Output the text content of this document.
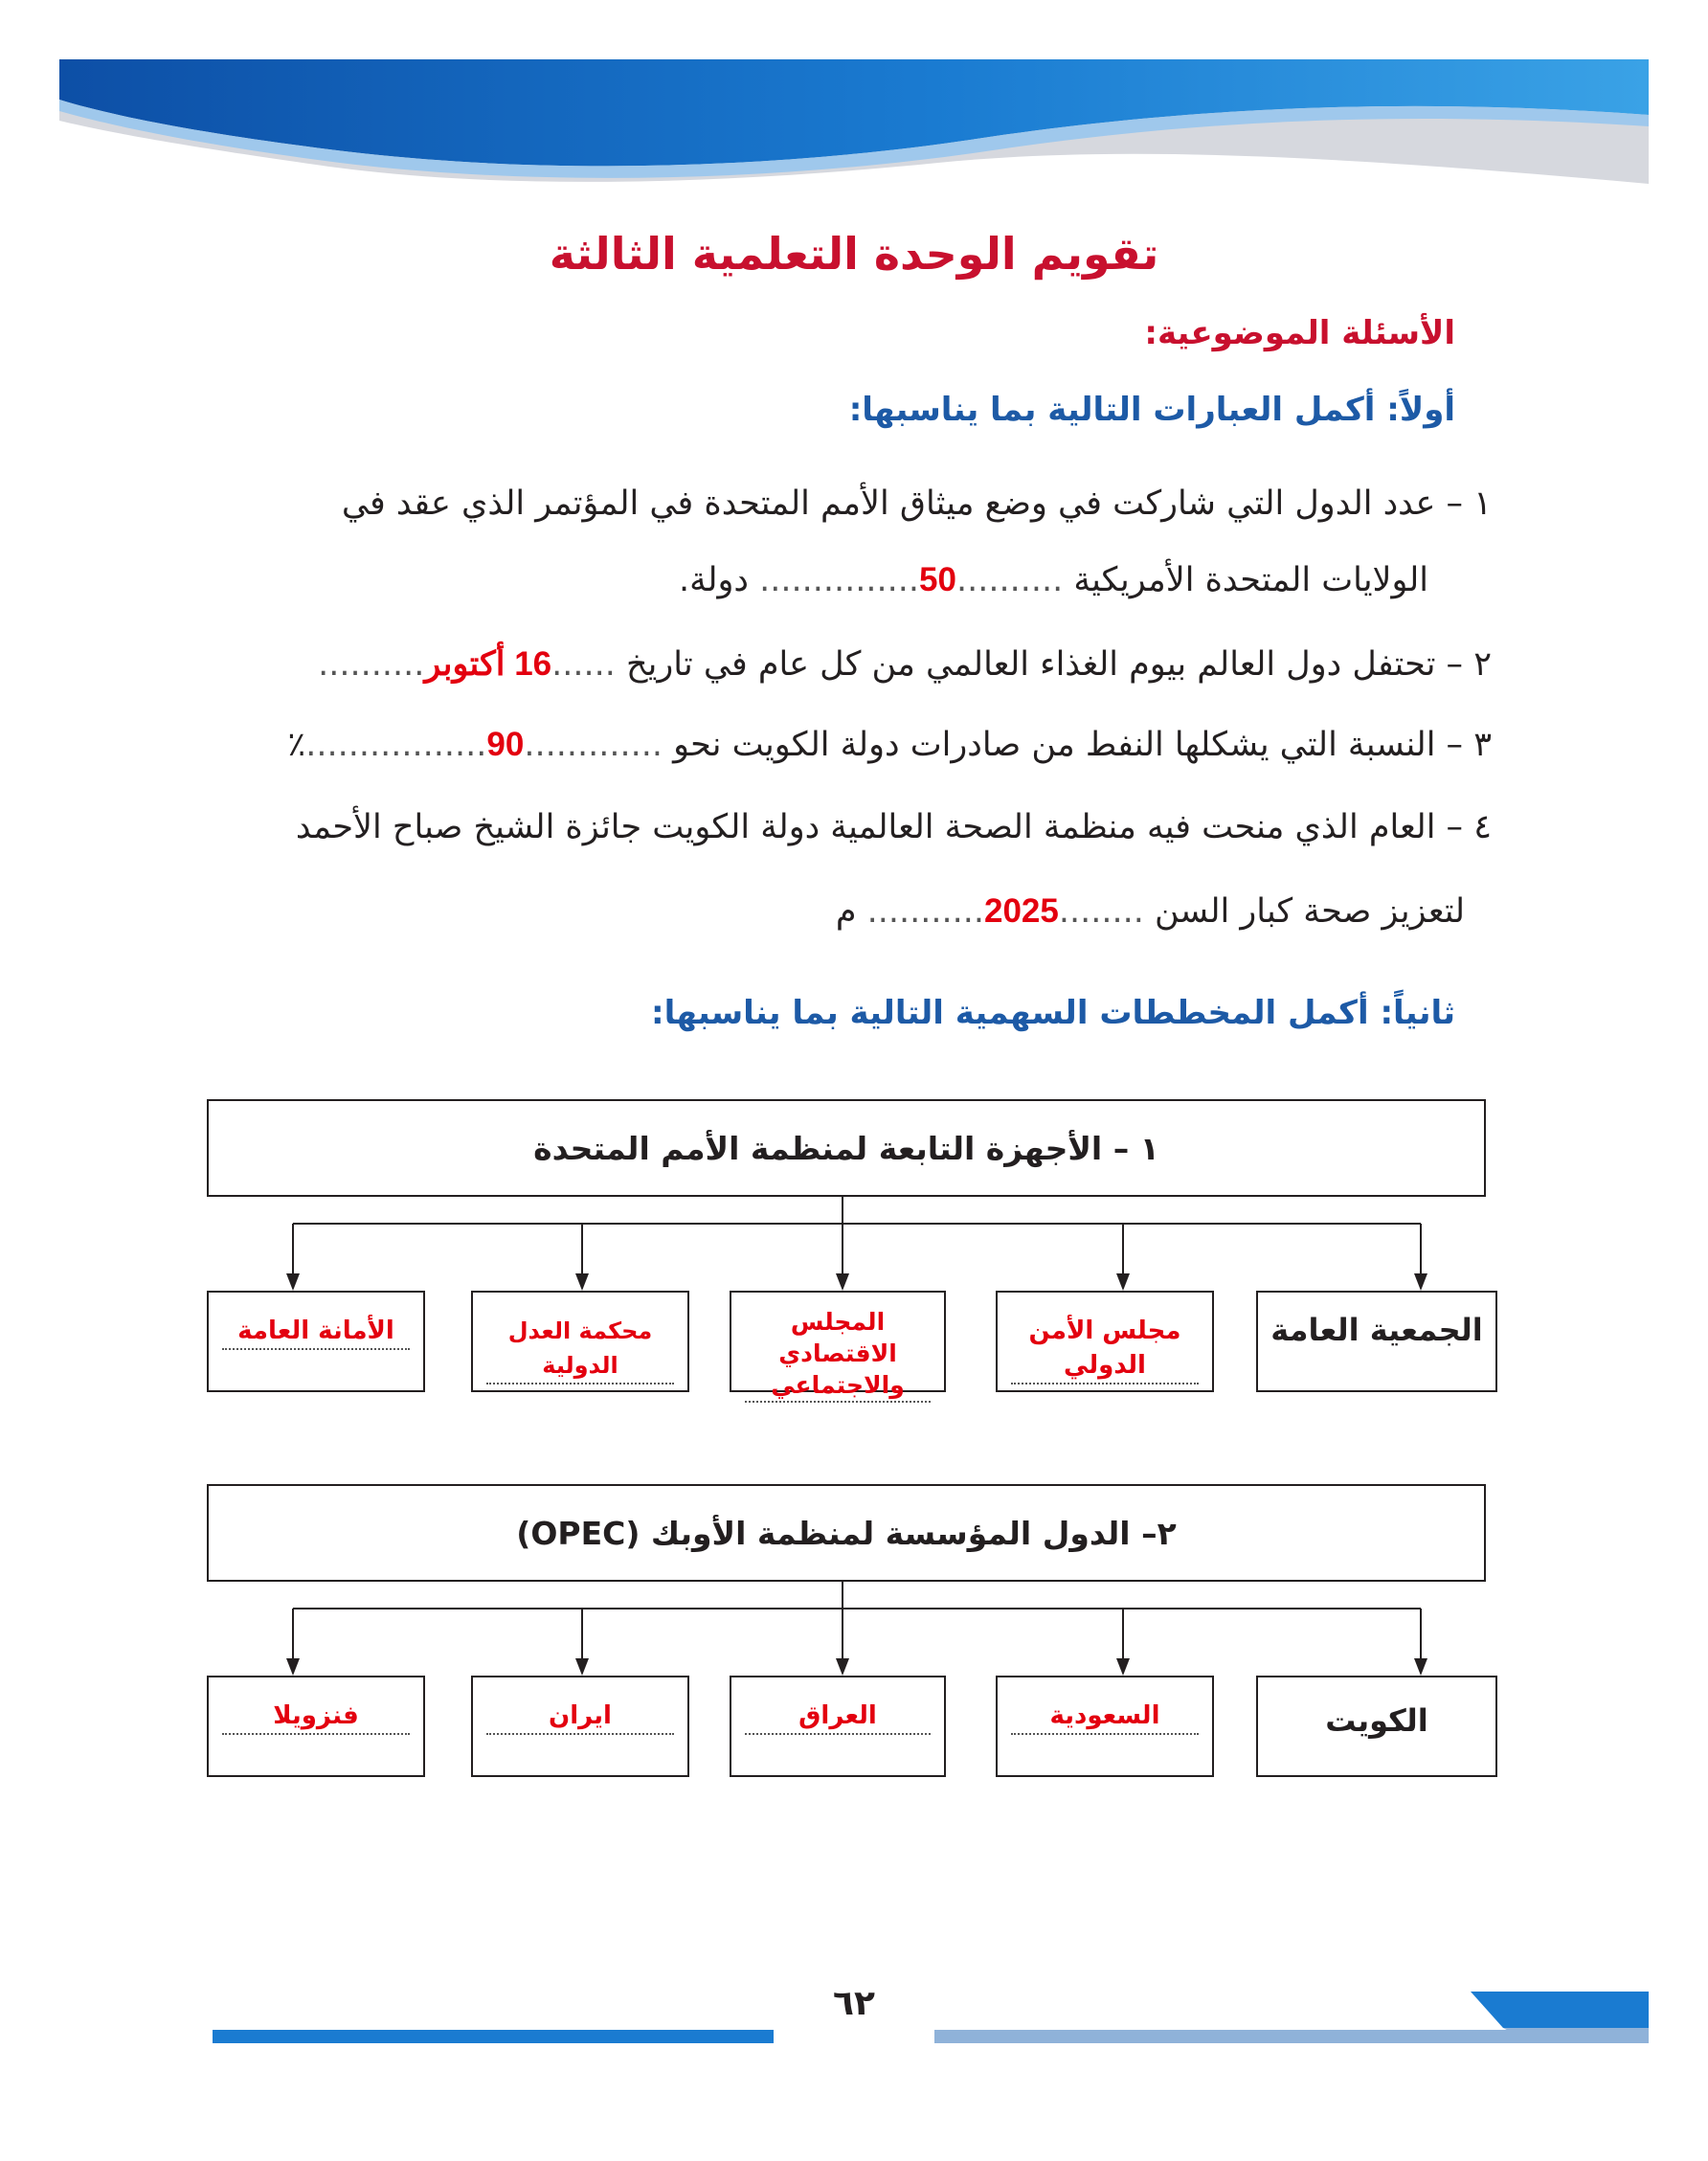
تقويم الوحدة التعلمية الثالثة
الأسئلة الموضوعية:
أولاً: أكمل العبارات التالية بما يناسبها:
١ – عدد الدول التي شاركت في وضع ميثاق الأمم المتحدة في المؤتمر الذي عقد في
الولايات المتحدة الأمريكية ..........50............... دولة.
٢ – تحتفل دول العالم بيوم الغذاء العالمي من كل عام في تاريخ ......16 أكتوبر..........
٣ – النسبة التي يشكلها النفط من صادرات دولة الكويت نحو .............90.................٪
٤ – العام الذي منحت فيه منظمة الصحة العالمية دولة الكويت جائزة الشيخ صباح الأحمد
لتعزيز صحة كبار السن ........2025........... م
ثانياً: أكمل المخططات السهمية التالية بما يناسبها:
١ – الأجهزة التابعة لمنظمة الأمم المتحدة
الجمعية العامة
مجلس الأمن الدولي
المجلس الاقتصادي والاجتماعي
محكمة العدل الدولية
الأمانة العامة
٢– الدول المؤسسة لمنظمة الأوبك (OPEC)
الكويت
السعودية
العراق
ايران
فنزويلا
٦٢
